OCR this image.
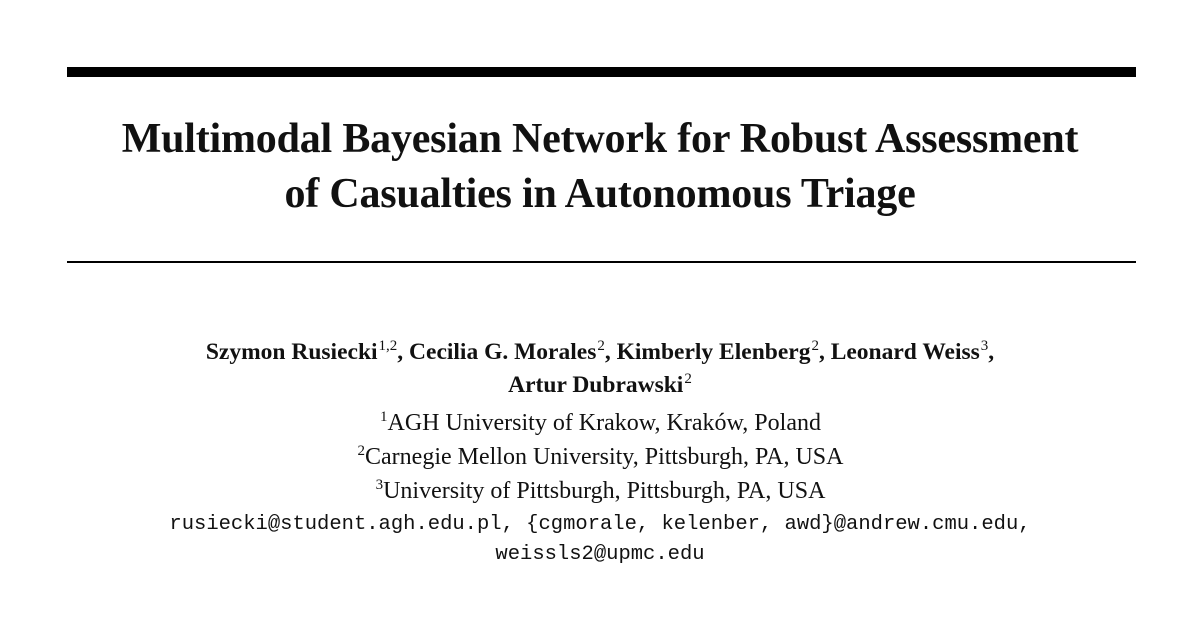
Multimodal Bayesian Network for Robust Assessment
of Casualties in Autonomous Triage
Szymon Rusiecki$^{1,2}$, Cecilia G. Morales$^2$, Kimberly Elenberg$^2$, Leonard Weiss$^3$,
Artur Dubrawski$^2$
$^1$AGH University of Krakow, Kraków, Poland
$^2$Carnegie Mellon University, Pittsburgh, PA, USA
$^3$University of Pittsburgh, Pittsburgh, PA, USA
rusiecki@student.agh.edu.pl, {cgmorale, kelenber, awd}@andrew.cmu.edu,
weissls2@upmc.edu
